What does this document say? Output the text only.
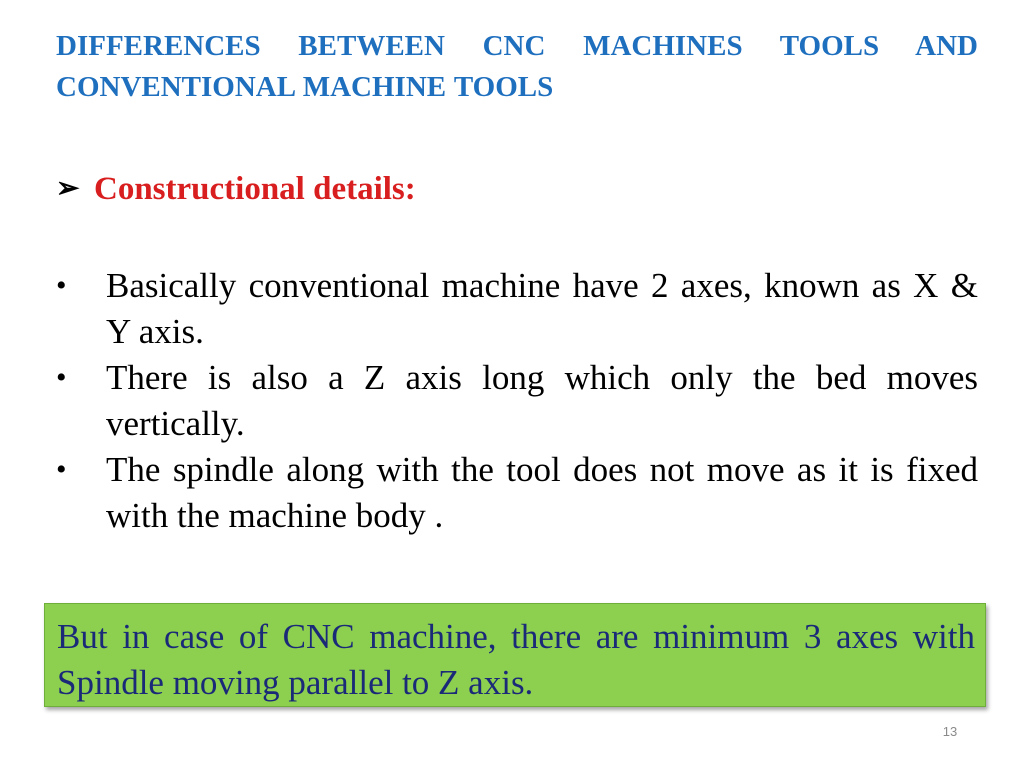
DIFFERENCES BETWEEN CNC MACHINES TOOLS AND CONVENTIONAL MACHINE TOOLS
➢ Constructional details:
• Basically conventional machine have 2 axes, known as X & Y axis.
• There is also a Z axis long which only the bed moves vertically.
• The spindle along with the tool does not move as it is fixed with the machine body .
But in case of CNC machine, there are minimum 3 axes with Spindle moving parallel to Z axis.
13
